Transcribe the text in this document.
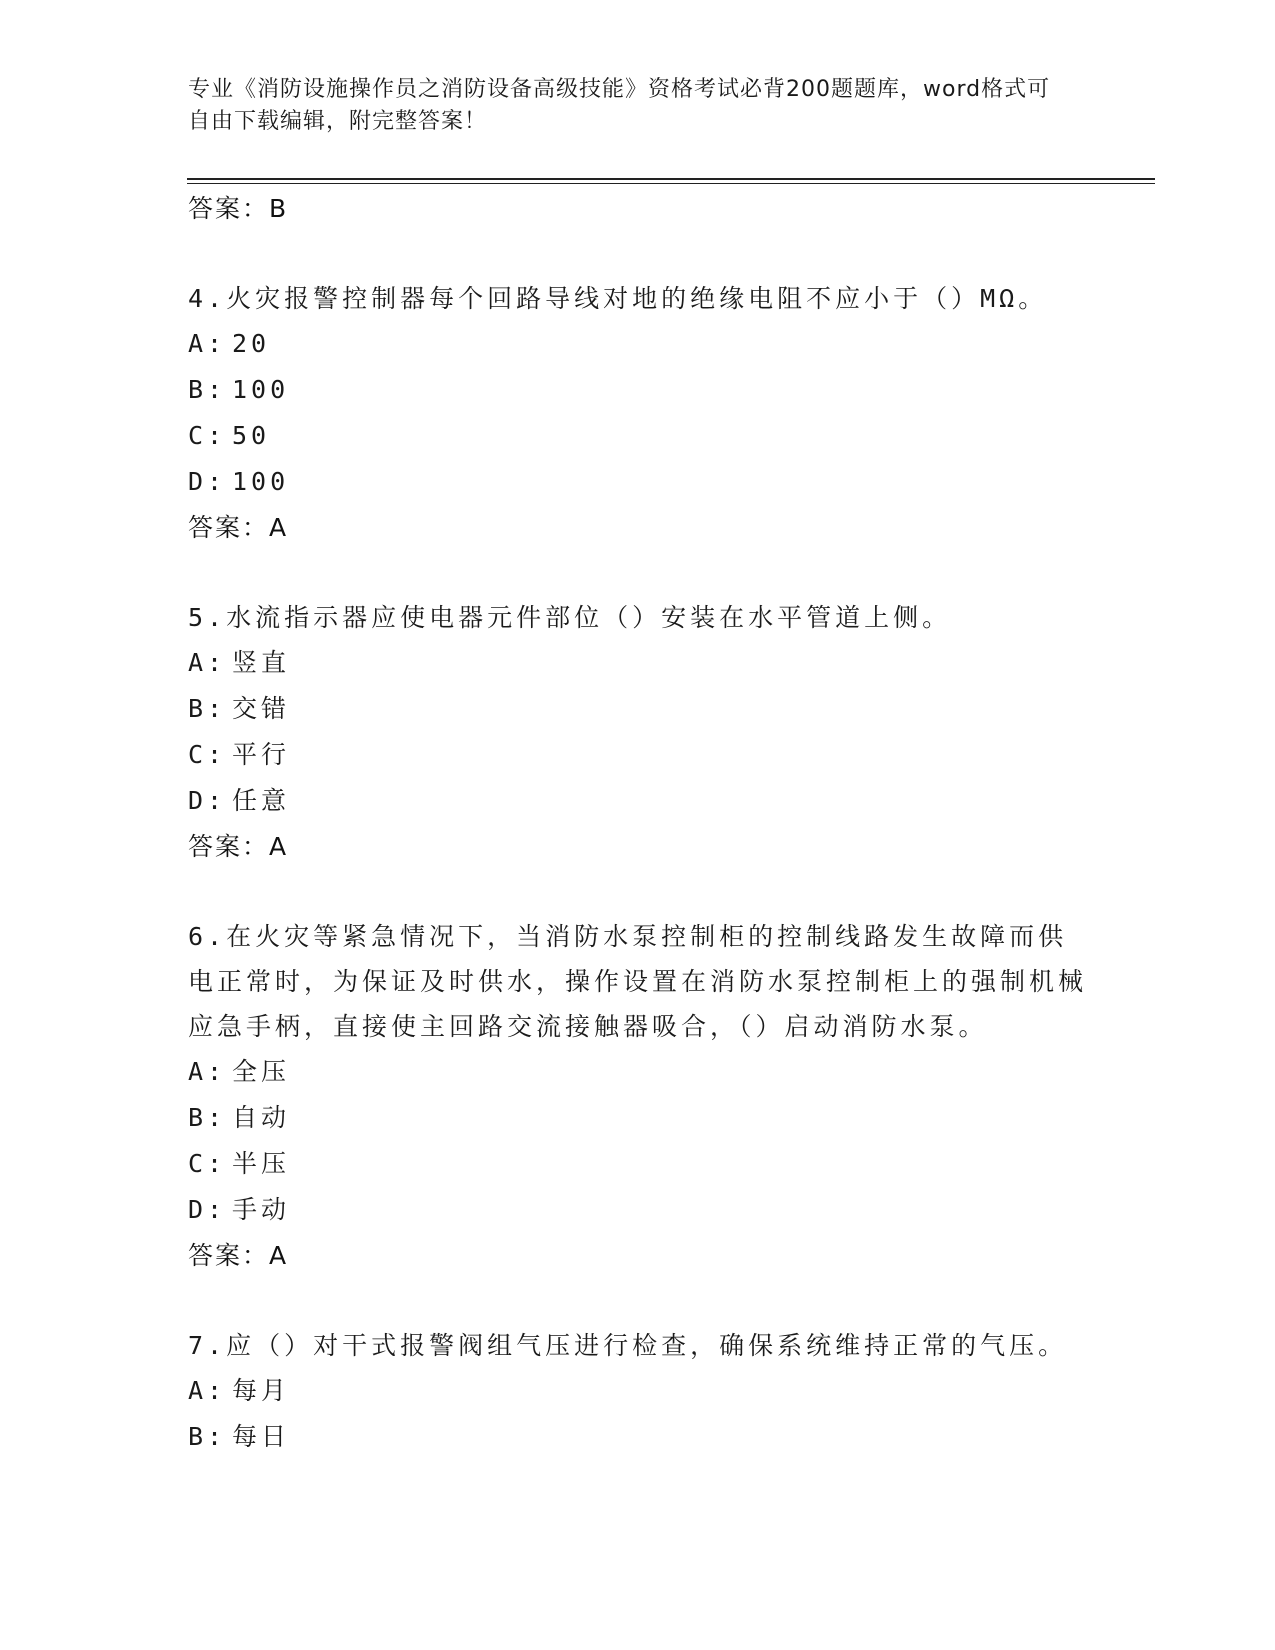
专业《消防设施操作员之消防设备高级技能》资格考试必背200题题库，word格式可自由下载编辑，附完整答案！

答案：B

4.火灾报警控制器每个回路导线对地的绝缘电阻不应小于（）MΩ。

A: 20

B: 100

C: 50

D: 100

答案：A

5.水流指示器应使电器元件部位（）安装在水平管道上侧。

A: 竖直

B: 交错

C: 平行

D: 任意

答案：A

6.在火灾等紧急情况下，当消防水泵控制柜的控制线路发生故障而供电正常时，为保证及时供水，操作设置在消防水泵控制柜上的强制机械应急手柄，直接使主回路交流接触器吸合，（）启动消防水泵。

A: 全压

B: 自动

C: 半压

D: 手动

答案：A

7.应（）对干式报警阀组气压进行检查，确保系统维持正常的气压。

A: 每月

B: 每日
